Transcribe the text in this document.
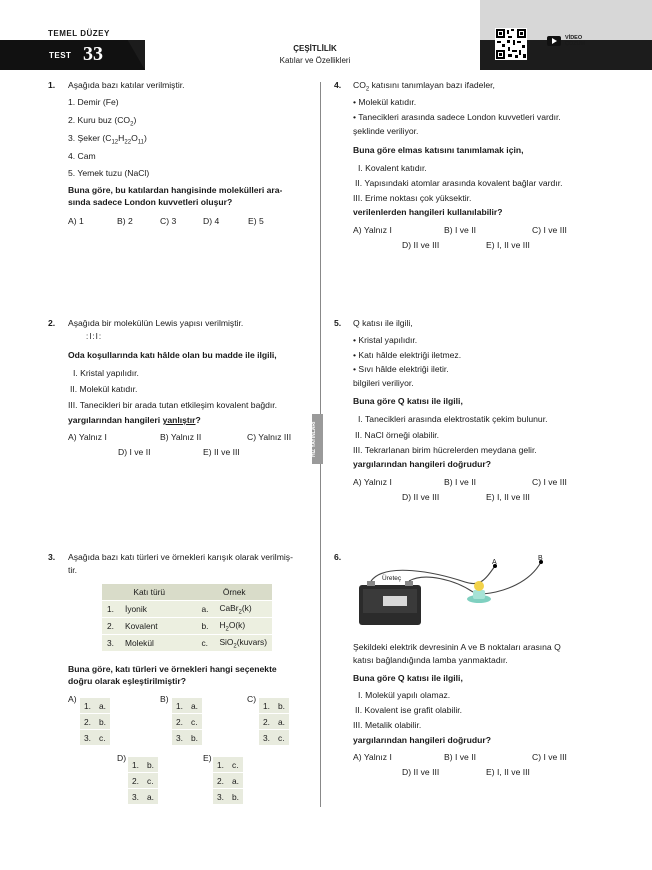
TEMEL DÜZEY
TEST 33	ÇEŞİTLİLİK
Katılar ve Özellikleri
VİDEO
ÇÖZÜM
HIZ YAYINLARI
1. Aşağıda bazı katılar verilmiştir.
1. Demir (Fe)
2. Kuru buz $(CO_2)$
3. Şeker $(C_{12}H_{22}O_{11})$
4. Cam
5. Yemek tuzu (NaCl)
Buna göre, bu katılardan hangisinde molekülleri ara-
sında sadece London kuvvetleri oluşur?
A) 1	B) 2	C) 3	D) 4	E) 5
2. Aşağıda bir molekülün Lewis yapısı verilmiştir.
:I:I:
Oda koşullarında katı hâlde olan bu madde ile ilgili,
I. Kristal yapılıdır.
II. Molekül katıdır.
III. Tanecikleri bir arada tutan etkileşim kovalent bağdır.
yargılarından hangileri yanlıştır?
A) Yalnız I	B) Yalnız II	C) Yalnız III
D) I ve II	E) II ve III
3. Aşağıda bazı katı türleri ve örnekleri karışık olarak verilmiş-
tir.
Katı türü		Örnek	
1.	İyonik	a.	CaBr$_2$(k)
2.	Kovalent	b.	$H_2O(k)$
3.	Molekül	c.	SiO$_2$(kuvars)
Buna göre, katı türleri ve örnekleri hangi seçenekte
doğru olarak eşleştirilmiştir?
A)
1.	a.
2.	b.
3.	c.
B)
1.	a.
2.	c.
3.	b.
C)
1.	b.
2.	a.
3.	c.
D)
1.	b.
2.	c.
3.	a.
E)
1.	c.
2.	a.
3.	b.
4. $CO_2$ katısını tanımlayan bazı ifadeler,
• Molekül katıdır.
• Tanecikleri arasında sadece London kuvvetleri vardır.
şeklinde veriliyor.
Buna göre elmas katısını tanımlamak için,
I. Kovalent katıdır.
II. Yapısındaki atomlar arasında kovalent bağlar vardır.
III. Erime noktası çok yüksektir.
verilenlerden hangileri kullanılabilir?
A) Yalnız I	B) I ve II	C) I ve III
D) II ve III	E) I, II ve III
5. Q katısı ile ilgili,
• Kristal yapılıdır.
• Katı hâlde elektriği iletmez.
• Sıvı hâlde elektriği iletir.
bilgileri veriliyor.
Buna göre Q katısı ile ilgili,
I. Tanecikleri arasında elektrostatik çekim bulunur.
II. NaCl örneği olabilir.
III. Tekrarlanan birim hücrelerden meydana gelir.
yargılarından hangileri doğrudur?
A) Yalnız I	B) I ve II	C) I ve III
D) II ve III	E) I, II ve III
6.
Üreteç
A
B
Şekildeki elektrik devresinin A ve B noktaları arasına Q
katısı bağlandığında lamba yanmaktadır.
Buna göre Q katısı ile ilgili,
I. Molekül yapılı olamaz.
II. Kovalent ise grafit olabilir.
III. Metalik olabilir.
yargılarından hangileri doğrudur?
A) Yalnız I	B) I ve II	C) I ve III
D) II ve III	E) I, II ve III
